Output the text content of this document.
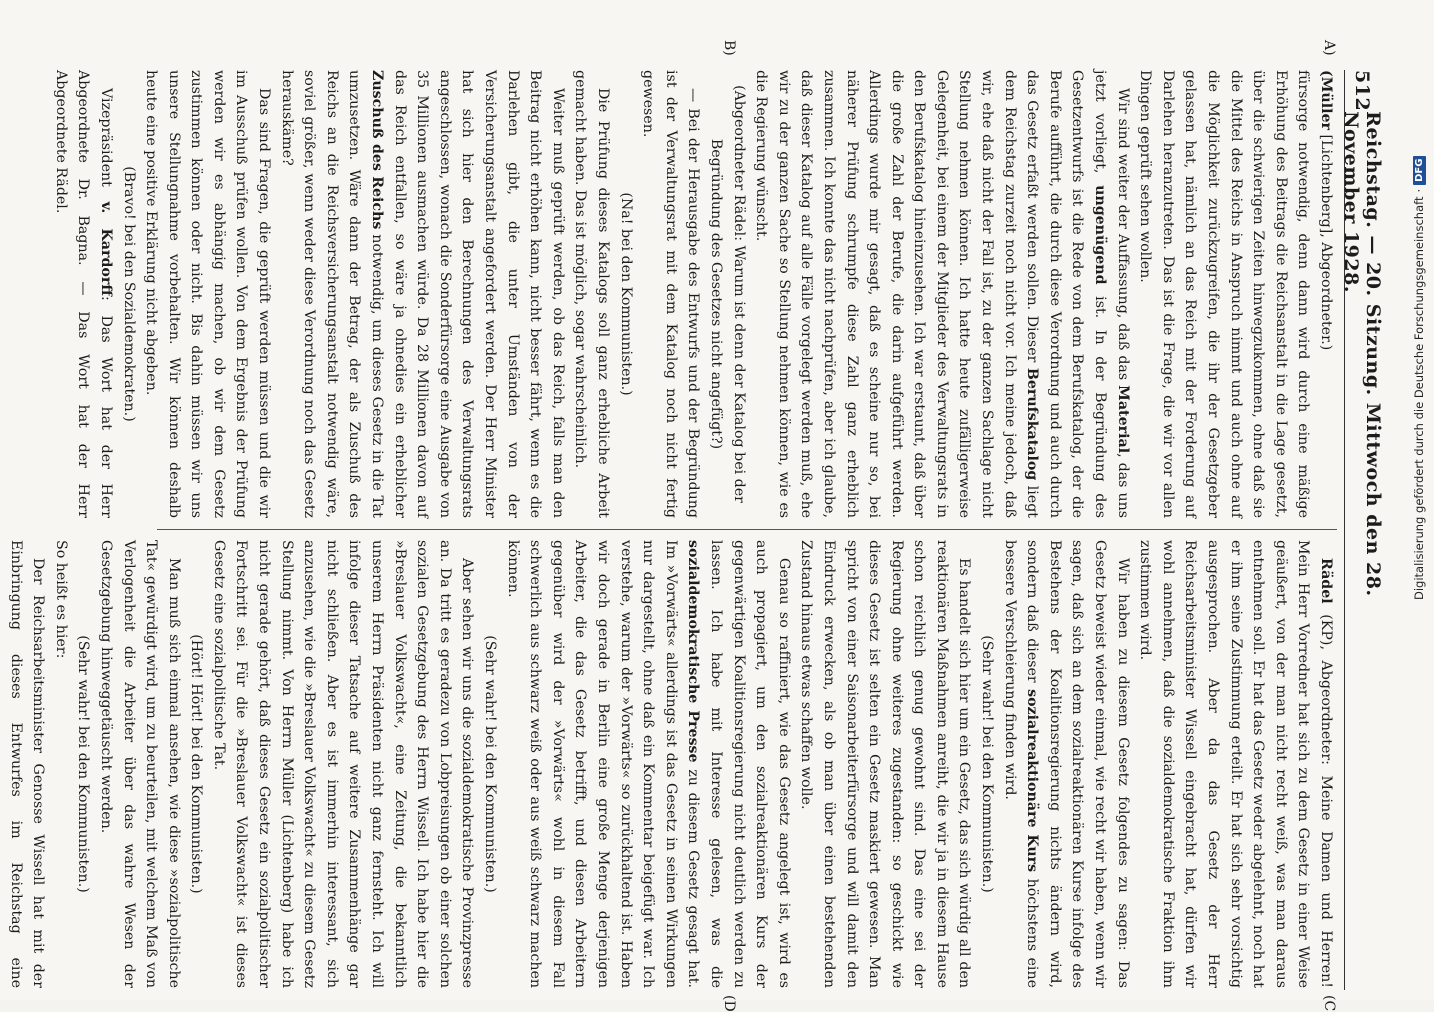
512
Reichstag. — 20. Sitzung. Mittwoch den 28. November 1928.

(Müller [Lichtenberg], Abgeordneter.)

fürsorge notwendig, denn dann wird durch eine mäßige Erhöhung des Beitrags die Reichsanstalt in die Lage gesetzt, über die schwierigen Zeiten hinwegzukommen, ohne daß sie die Mittel des Reichs in Anspruch nimmt und auch ohne auf die Möglichkeit zurückzugreifen, die ihr der Gesetzgeber gelassen hat, nämlich an das Reich mit der Forderung auf Darlehen heranzutreten. Das ist die Frage, die wir vor allen Dingen geprüft sehen wollen.

Wir sind weiter der Auffassung, daß das Material, das uns jetzt vorliegt, ungenügend ist. In der Begründung des Gesetzentwurfs ist die Rede von dem Berufskatalog, der die Berufe aufführt, die durch diese Verordnung und auch durch das Gesetz erfaßt werden sollen. Dieser Berufskatalog liegt dem Reichstag zurzeit noch nicht vor. Ich meine jedoch, daß wir, ehe daß nicht der Fall ist, zu der ganzen Sachlage nicht Stellung nehmen können. Ich hatte heute zufälligerweise Gelegenheit, bei einem der Mitglieder des Verwaltungsrats in den Berufskatalog hineinzusehen. Ich war erstaunt, daß über die große Zahl der Berufe, die darin aufgeführt werden. Allerdings wurde mir gesagt, daß es scheine nur so, bei näherer Prüfung schrumpfe diese Zahl ganz erheblich zusammen. Ich konnte das nicht nachprüfen, aber ich glaube, daß dieser Katalog auf alle Fälle vorgelegt werden muß, ehe wir zu der ganzen Sache so Stellung nehmen können, wie es die Regierung wünscht.

(Abgeordneter Rädel: Warum ist denn der Katalog bei der Begründung des Gesetzes nicht angefügt?)

— Bei der Herausgabe des Entwurfs und der Begründung ist der Verwaltungsrat mit dem Katalog noch nicht fertig gewesen.

(Na! bei den Kommunisten.)

Die Prüfung dieses Katalogs soll ganz erhebliche Arbeit gemacht haben. Das ist möglich, sogar wahrscheinlich.

Weiter muß geprüft werden, ob das Reich, falls man den Beitrag nicht erhöhen kann, nicht besser fährt, wenn es die Darlehen gibt, die unter Umständen von der Versicherungsanstalt angefordert werden. Der Herr Minister hat sich hier den Berechnungen des Verwaltungsrats angeschlossen, wonach die Sonderfürsorge eine Ausgabe von 35 Millionen ausmachen würde. Da 28 Millionen davon auf das Reich entfallen, so wäre ja ohnedies ein erheblicher Zuschuß des Reichs notwendig, um dieses Gesetz in die Tat umzusetzen. Wäre dann der Betrag, der als Zuschuß des Reichs an die Reichsversicherungsanstalt notwendig wäre, soviel größer, wenn weder diese Verordnung noch das Gesetz herauskäme?

Das sind Fragen, die geprüft werden müssen und die wir im Ausschuß prüfen wollen. Von dem Ergebnis der Prüfung werden wir es abhängig machen, ob wir dem Gesetz zustimmen können oder nicht. Bis dahin müssen wir uns unsere Stellungnahme vorbehalten. Wir können deshalb heute eine positive Erklärung nicht abgeben.

(Bravo! bei den Sozialdemokraten.)

Vizepräsident v. Kardorff: Das Wort hat der Herr Abgeordnete Dr. Bagna. — Das Wort hat der Herr Abgeordnete Rädel.

Rädel (KP), Abgeordneter: Meine Damen und Herren! Mein Herr Vorredner hat sich zu dem Gesetz in einer Weise geäußert, von der man nicht recht weiß, was man daraus entnehmen soll. Er hat das Gesetz weder abgelehnt, noch hat er ihm seine Zustimmung erteilt. Er hat sich sehr vorsichtig ausgesprochen. Aber da das Gesetz der Herr Reichsarbeitsminister Wissell eingebracht hat, dürfen wir wohl annehmen, daß die sozialdemokratische Fraktion ihm zustimmen wird.

Wir haben zu diesem Gesetz folgendes zu sagen: Das Gesetz beweist wieder einmal, wie recht wir haben, wenn wir sagen, daß sich an dem sozialreaktionären Kurse infolge des Bestehens der Koalitionsregierung nichts ändern wird, sondern daß dieser sozialreaktionäre Kurs höchstens eine bessere Verschleierung finden wird.

(Sehr wahr! bei den Kommunisten.)

Es handelt sich hier um ein Gesetz, das sich würdig all den reaktionären Maßnahmen anreiht, die wir ja in diesem Hause schon reichlich genug gewohnt sind. Das eine sei der Regierung ohne weiteres zugestanden: so geschickt wie dieses Gesetz ist selten ein Gesetz maskiert gewesen. Man spricht von einer Saisonarbeiterfürsorge und will damit den Eindruck erwecken, als ob man über einen bestehenden Zustand hinaus etwas schaffen wolle.

Genau so raffiniert, wie das Gesetz angelegt ist, wird es auch propagiert, um den sozialreaktionären Kurs der gegenwärtigen Koalitionsregierung nicht deutlich werden zu lassen. Ich habe mit Interesse gelesen, was die sozialdemokratische Presse zu diesem Gesetz gesagt hat. Im »Vorwärts« allerdings ist das Gesetz in seinen Wirkungen nur dargestellt, ohne daß ein Kommentar beigefügt war. Ich verstehe, warum der »Vorwärts« so zurückhaltend ist. Haben wir doch gerade in Berlin eine große Menge derjenigen Arbeiter, die das Gesetz betrifft, und diesen Arbeitern gegenüber wird der »Vorwärts« wohl in diesem Fall schwerlich aus schwarz weiß oder aus weiß schwarz machen können.

(Sehr wahr! bei den Kommunisten.)

Aber sehen wir uns die sozialdemokratische Provinzpresse an. Da tritt es geradezu von Lobpreisungen ob einer solchen sozialen Gesetzgebung des Herrn Wissell. Ich habe hier die »Breslauer Volkswacht«, eine Zeitung, die bekanntlich unserem Herrn Präsidenten nicht ganz fernsteht. Ich will infolge dieser Tatsache auf weitere Zusammenhänge gar nicht schließen. Aber es ist immerhin interessant, sich anzusehen, wie die »Breslauer Volkswacht« zu diesem Gesetz Stellung nimmt. Von Herrn Müller (Lichtenberg) habe ich nicht gerade gehört, daß dieses Gesetz ein sozialpolitischer Fortschritt sei. Für die »Breslauer Volkswacht« ist dieses Gesetz eine sozialpolitische Tat.

(Hört! Hört! bei den Kommunisten.)

Man muß sich einmal ansehen, wie diese »sozialpolitische Tat« gewürdigt wird, um zu beurteilen, mit welchem Maß von Verlogenheit die Arbeiter über das wahre Wesen der Gesetzgebung hinweggetäuscht werden.

(Sehr wahr! bei den Kommunisten.)

So heißt es hier:

Der Reichsarbeitsminister Genosse Wissell hat mit der Einbringung dieses Entwurfes im Reichstag eine

A)
B)
(C
(D
Digitalisierung gefördert durch die Deutsche Forschungsgemeinschaft
·
DFG
